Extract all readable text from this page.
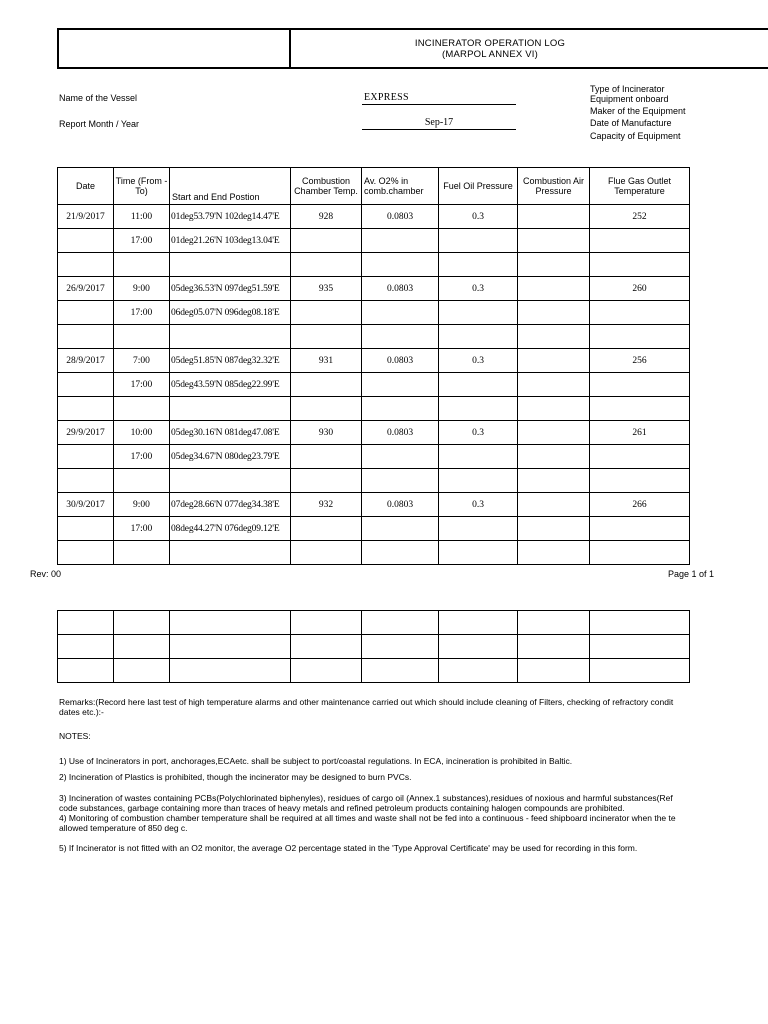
INCINERATOR OPERATION LOG
(MARPOL ANNEX VI)
Name of the Vessel	EXPRESS
Report Month / Year	Sep-17
Type of Incinerator
Equipment onboard
Maker of the Equipment
Date of Manufacture
Capacity of Equipment
Date	Time (From - To)	Start and End Postion	Combustion Chamber Temp.	Av. O2% in comb.chamber	Fuel Oil Pressure	Combustion Air Pressure	Flue Gas Outlet Temperature
21/9/2017	11:00	01deg53.79'N 102deg14.47'E	928	0.0803	0.3		252
	17:00	01deg21.26'N 103deg13.04'E					

26/9/2017	9:00	05deg36.53'N 097deg51.59'E	935	0.0803	0.3		260
	17:00	06deg05.07'N 096deg08.18'E					

28/9/2017	7:00	05deg51.85'N 087deg32.32'E	931	0.0803	0.3		256
	17:00	05deg43.59'N 085deg22.99'E					

29/9/2017	10:00	05deg30.16'N 081deg47.08'E	930	0.0803	0.3		261
	17:00	05deg34.67'N 080deg23.79'E					

30/9/2017	9:00	07deg28.66'N 077deg34.38'E	932	0.0803	0.3		266
	17:00	08deg44.27'N 076deg09.12'E					

Rev: 00	Page 1 of 1

Remarks:(Record here last test of high temperature alarms and other maintenance carried out which should include cleaning of Filters, checking of refractory condit
dates etc.):-
NOTES:
1) Use of Incinerators in port, anchorages,ECAetc. shall be subject to port/coastal regulations. In ECA, incineration is prohibited in Baltic.
2) Incineration of Plastics is prohibited, though the incinerator may be designed to burn PVCs.
3) Incineration of wastes containing PCBs(Polychlorinated biphenyles), residues of cargo oil (Annex.1 substances),residues of noxious and harmful substances(Ref
code substances, garbage containing more than traces of heavy metals and refined petroleum products containing halogen compounds are prohibited.
4) Monitoring of combustion chamber temperature shall be required at all times and waste shall not be fed into a continuous - feed shipboard incinerator when the te
allowed temperature of 850 deg c.
5) If Incinerator is not fitted with an O2 monitor, the average O2 percentage stated in the 'Type Approval Certificate' may be used for recording in this form.
